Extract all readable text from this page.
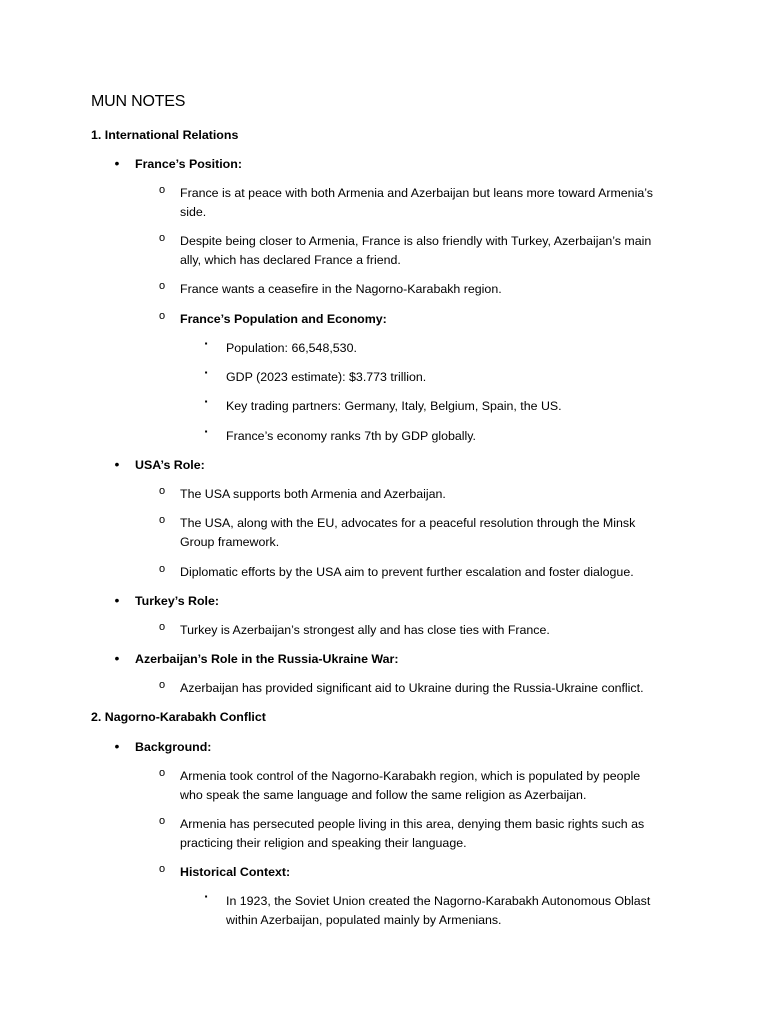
MUN NOTES
1. International Relations
• France’s Position:
o France is at peace with both Armenia and Azerbaijan but leans more toward Armenia’s
side.
o Despite being closer to Armenia, France is also friendly with Turkey, Azerbaijan’s main
ally, which has declared France a friend.
o France wants a ceasefire in the Nagorno-Karabakh region.
o France’s Population and Economy:
▪	Population: 66,548,530.
▪	GDP (2023 estimate): $3.773 trillion.
▪	Key trading partners: Germany, Italy, Belgium, Spain, the US.
▪	France’s economy ranks 7th by GDP globally.
• USA’s Role:
o The USA supports both Armenia and Azerbaijan.
o The USA, along with the EU, advocates for a peaceful resolution through the Minsk
Group framework.
o Diplomatic efforts by the USA aim to prevent further escalation and foster dialogue.
• Turkey’s Role:
o Turkey is Azerbaijan’s strongest ally and has close ties with France.
• Azerbaijan’s Role in the Russia-Ukraine War:
o Azerbaijan has provided significant aid to Ukraine during the Russia-Ukraine conflict.
2. Nagorno-Karabakh Conflict
• Background:
o Armenia took control of the Nagorno-Karabakh region, which is populated by people
who speak the same language and follow the same religion as Azerbaijan.
o Armenia has persecuted people living in this area, denying them basic rights such as
practicing their religion and speaking their language.
o Historical Context:
▪	In 1923, the Soviet Union created the Nagorno-Karabakh Autonomous Oblast
within Azerbaijan, populated mainly by Armenians.
